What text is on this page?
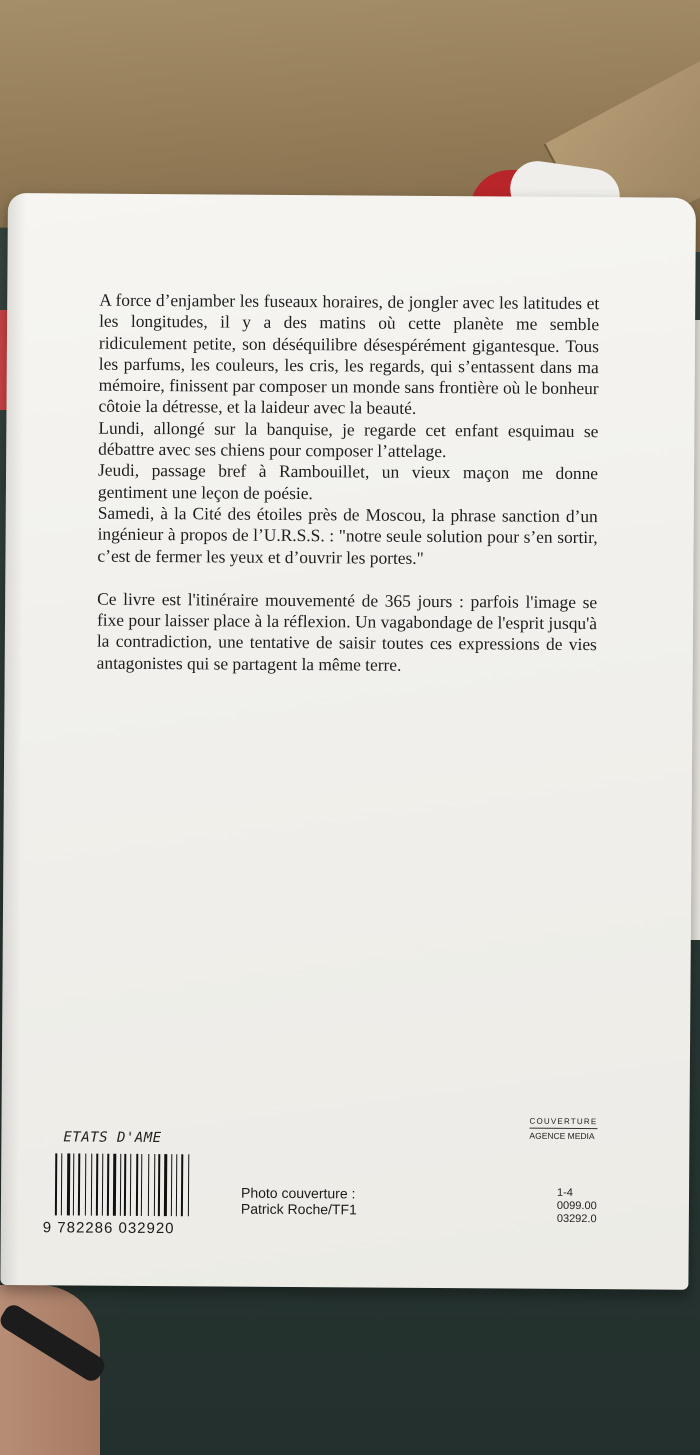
A force d’enjamber les fuseaux horaires, de jongler avec les latitudes et les longitudes, il y a des matins où cette planète me semble ridiculement petite, son déséquilibre désespérément gigantesque. Tous les parfums, les couleurs, les cris, les regards, qui s’entassent dans ma mémoire, finissent par composer un monde sans frontière où le bonheur côtoie la détresse, et la laideur avec la beauté.

Lundi, allongé sur la banquise, je regarde cet enfant esquimau se débattre avec ses chiens pour composer l’attelage.

Jeudi, passage bref à Rambouillet, un vieux maçon me donne gentiment une leçon de poésie.

Samedi, à la Cité des étoiles près de Moscou, la phrase sanction d’un ingénieur à propos de l’U.R.S.S. : "notre seule solution pour s’en sortir, c’est de fermer les yeux et d’ouvrir les portes."

Ce livre est l'itinéraire mouvementé de 365 jours : parfois l'image se fixe pour laisser place à la réflexion. Un vagabondage de l'esprit jusqu'à la contradiction, une tentative de saisir toutes ces expressions de vies antagonistes qui se partagent la même terre.

ETATS D'AME
9 782286 032920
Photo couverture :
Patrick Roche/TF1
COUVERTURE
AGENCE MEDIA
1-4
0099.00
03292.0
